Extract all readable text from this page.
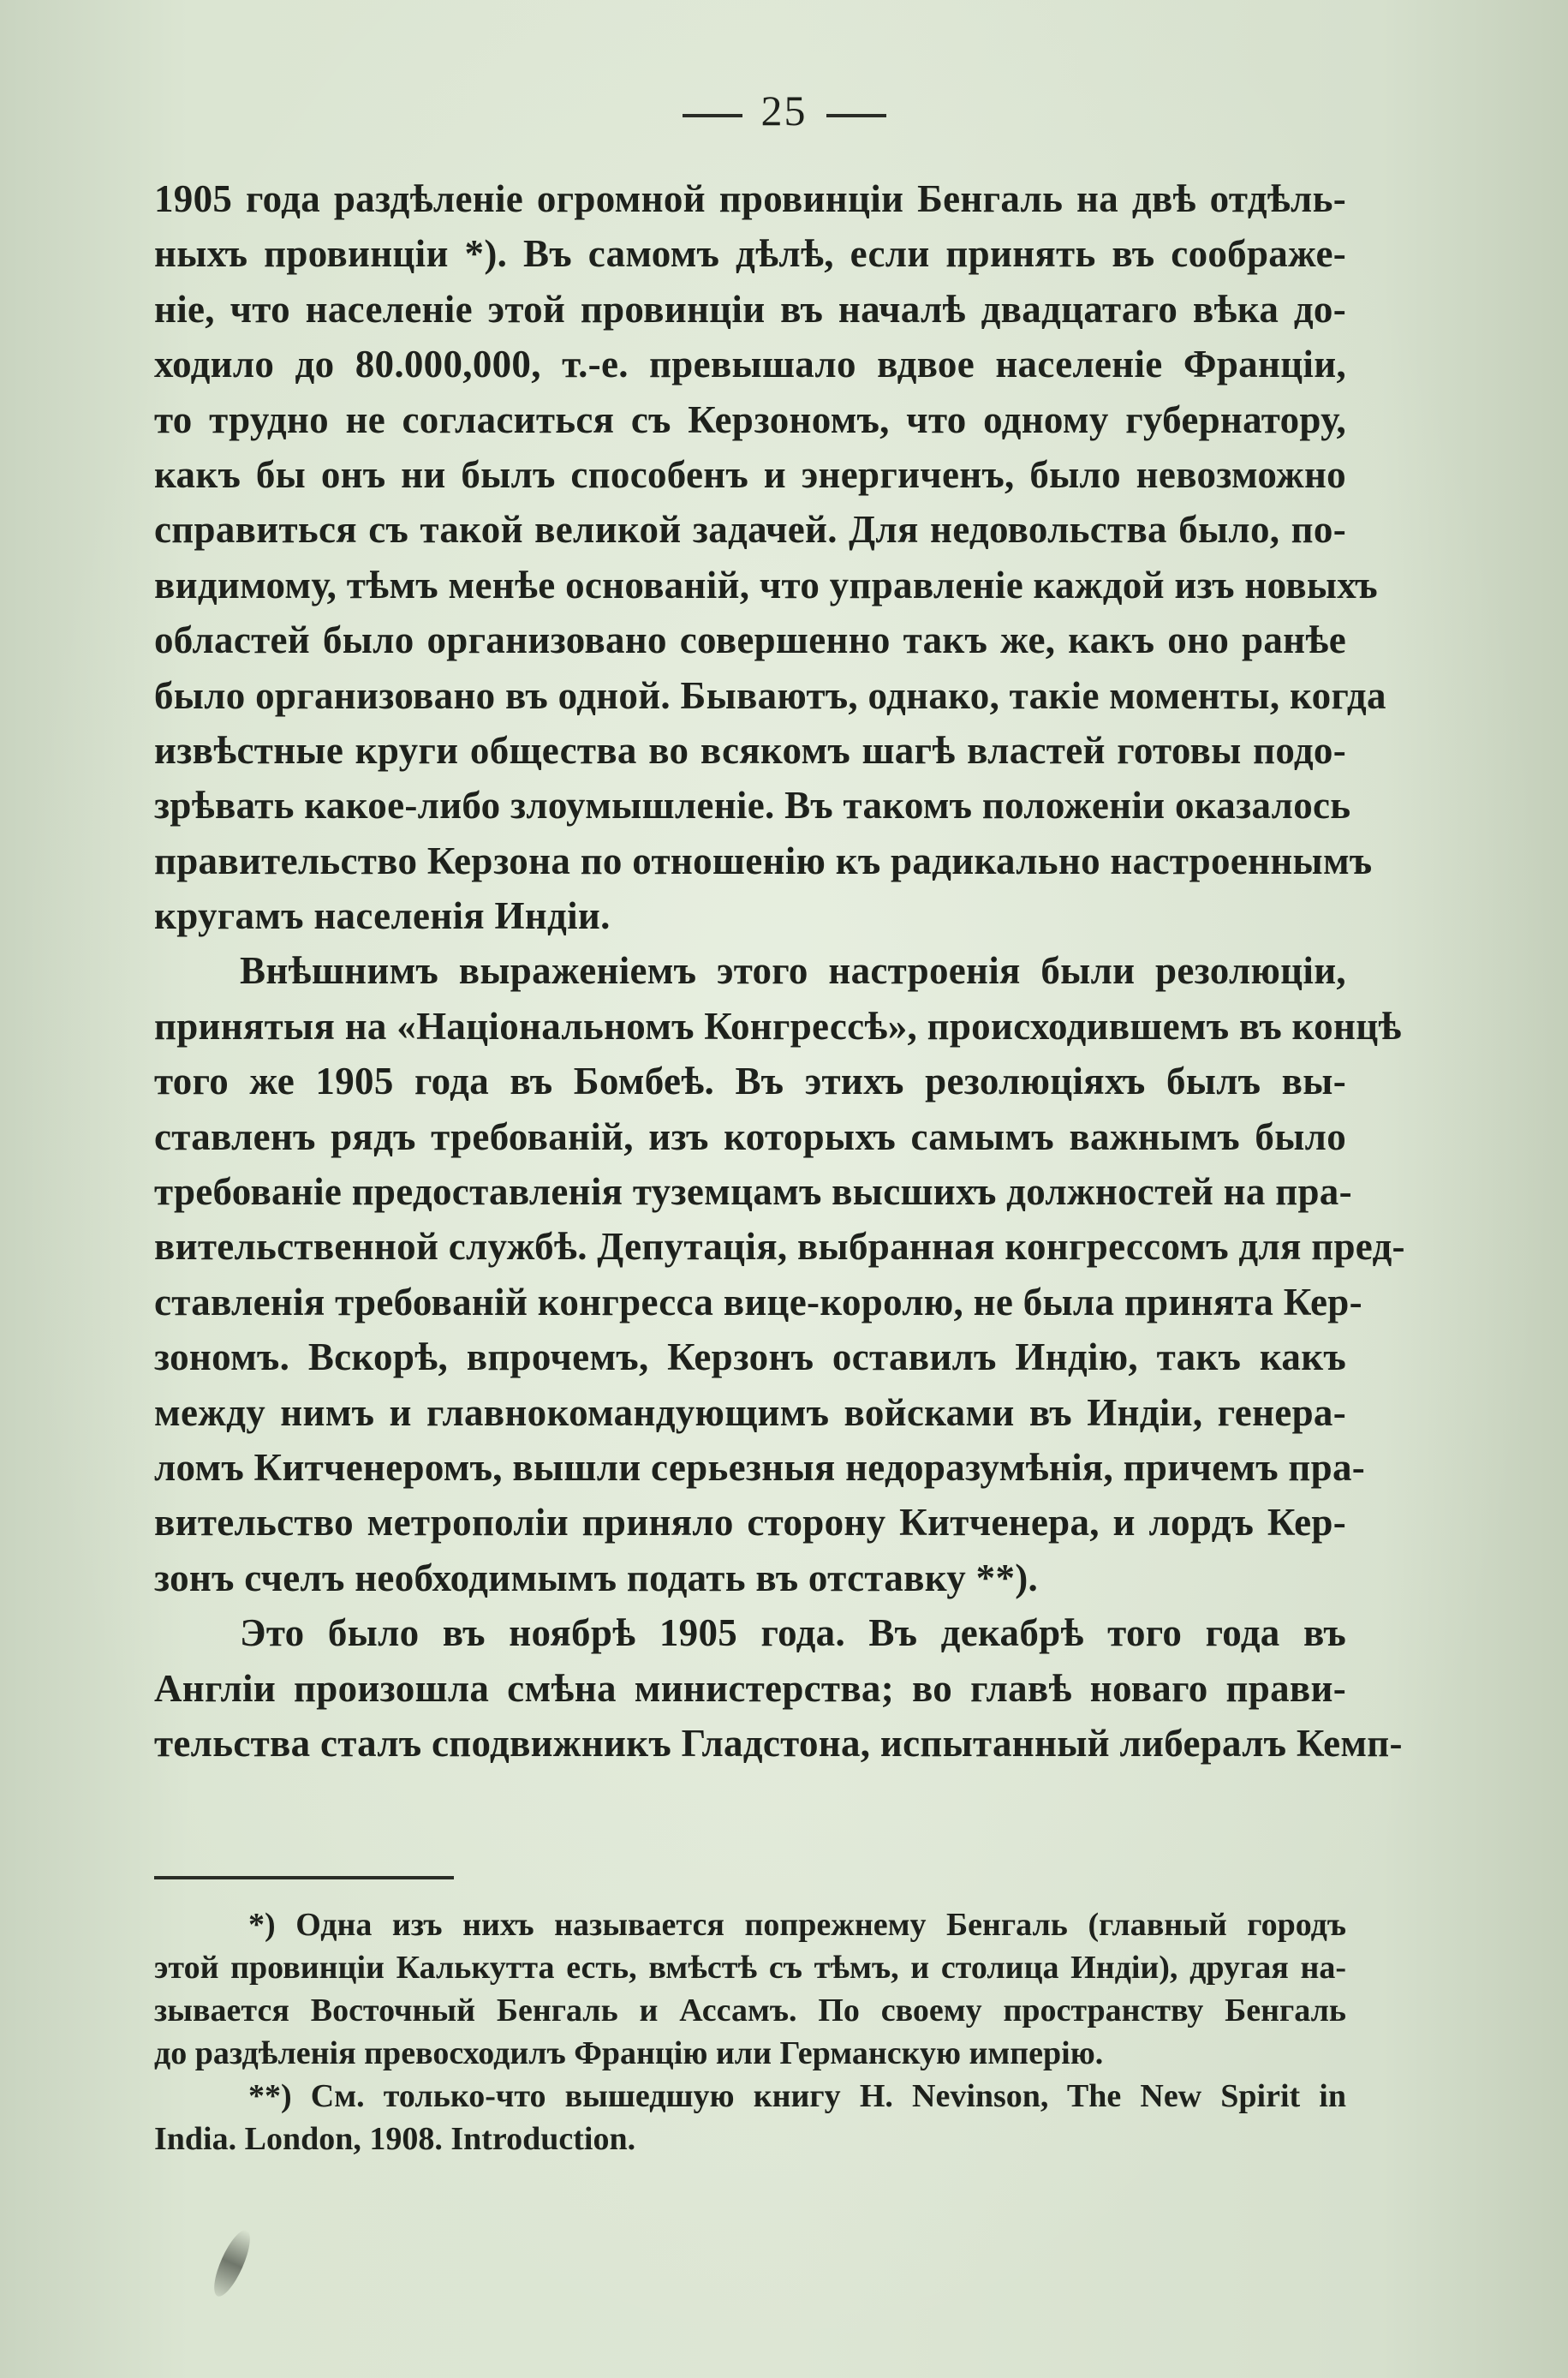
25
1905 года раздѣленіе огромной провинціи Бенгаль на двѣ отдѣль-
ныхъ провинціи *). Въ самомъ дѣлѣ, если принять въ соображе-
ніе, что населеніе этой провинціи въ началѣ двадцатаго вѣка до-
ходило до 80.000,000, т.-е. превышало вдвое населеніе Франціи,
то трудно не согласиться съ Керзономъ, что одному губернатору,
какъ бы онъ ни былъ способенъ и энергиченъ, было невозможно
справиться съ такой великой задачей. Для недовольства было, по-
видимому, тѣмъ менѣе основаній, что управленіе каждой изъ новыхъ
областей было организовано совершенно такъ же, какъ оно ранѣе
было организовано въ одной. Бываютъ, однако, такіе моменты, когда
извѣстные круги общества во всякомъ шагѣ властей готовы подо-
зрѣвать какое-либо злоумышленіе. Въ такомъ положеніи оказалось
правительство Керзона по отношенію къ радикально настроеннымъ
кругамъ населенія Индіи.
Внѣшнимъ выраженіемъ этого настроенія были резолюціи,
принятыя на «Національномъ Конгрессѣ», происходившемъ въ концѣ
того же 1905 года въ Бомбеѣ. Въ этихъ резолюціяхъ былъ вы-
ставленъ рядъ требованій, изъ которыхъ самымъ важнымъ было
требованіе предоставленія туземцамъ высшихъ должностей на пра-
вительственной службѣ. Депутація, выбранная конгрессомъ для пред-
ставленія требованій конгресса вице-королю, не была принята Кер-
зономъ. Вскорѣ, впрочемъ, Керзонъ оставилъ Индію, такъ какъ
между нимъ и главнокомандующимъ войсками въ Индіи, генера-
ломъ Китченеромъ, вышли серьезныя недоразумѣнія, причемъ пра-
вительство метрополіи приняло сторону Китченера, и лордъ Кер-
зонъ счелъ необходимымъ подать въ отставку **).
Это было въ ноябрѣ 1905 года. Въ декабрѣ того года въ
Англіи произошла смѣна министерства; во главѣ новаго прави-
тельства сталъ сподвижникъ Гладстона, испытанный либералъ Кемп-
*) Одна изъ нихъ называется попрежнему Бенгаль (главный городъ
этой провинціи Калькутта есть, вмѣстѣ съ тѣмъ, и столица Индіи), другая на-
зывается Восточный Бенгаль и Ассамъ. По своему пространству Бенгаль
до раздѣленія превосходилъ Францію или Германскую имперію.
**) См. только-что вышедшую книгу H. Nevinson, The New Spirit in
India. London, 1908. Introduction.
